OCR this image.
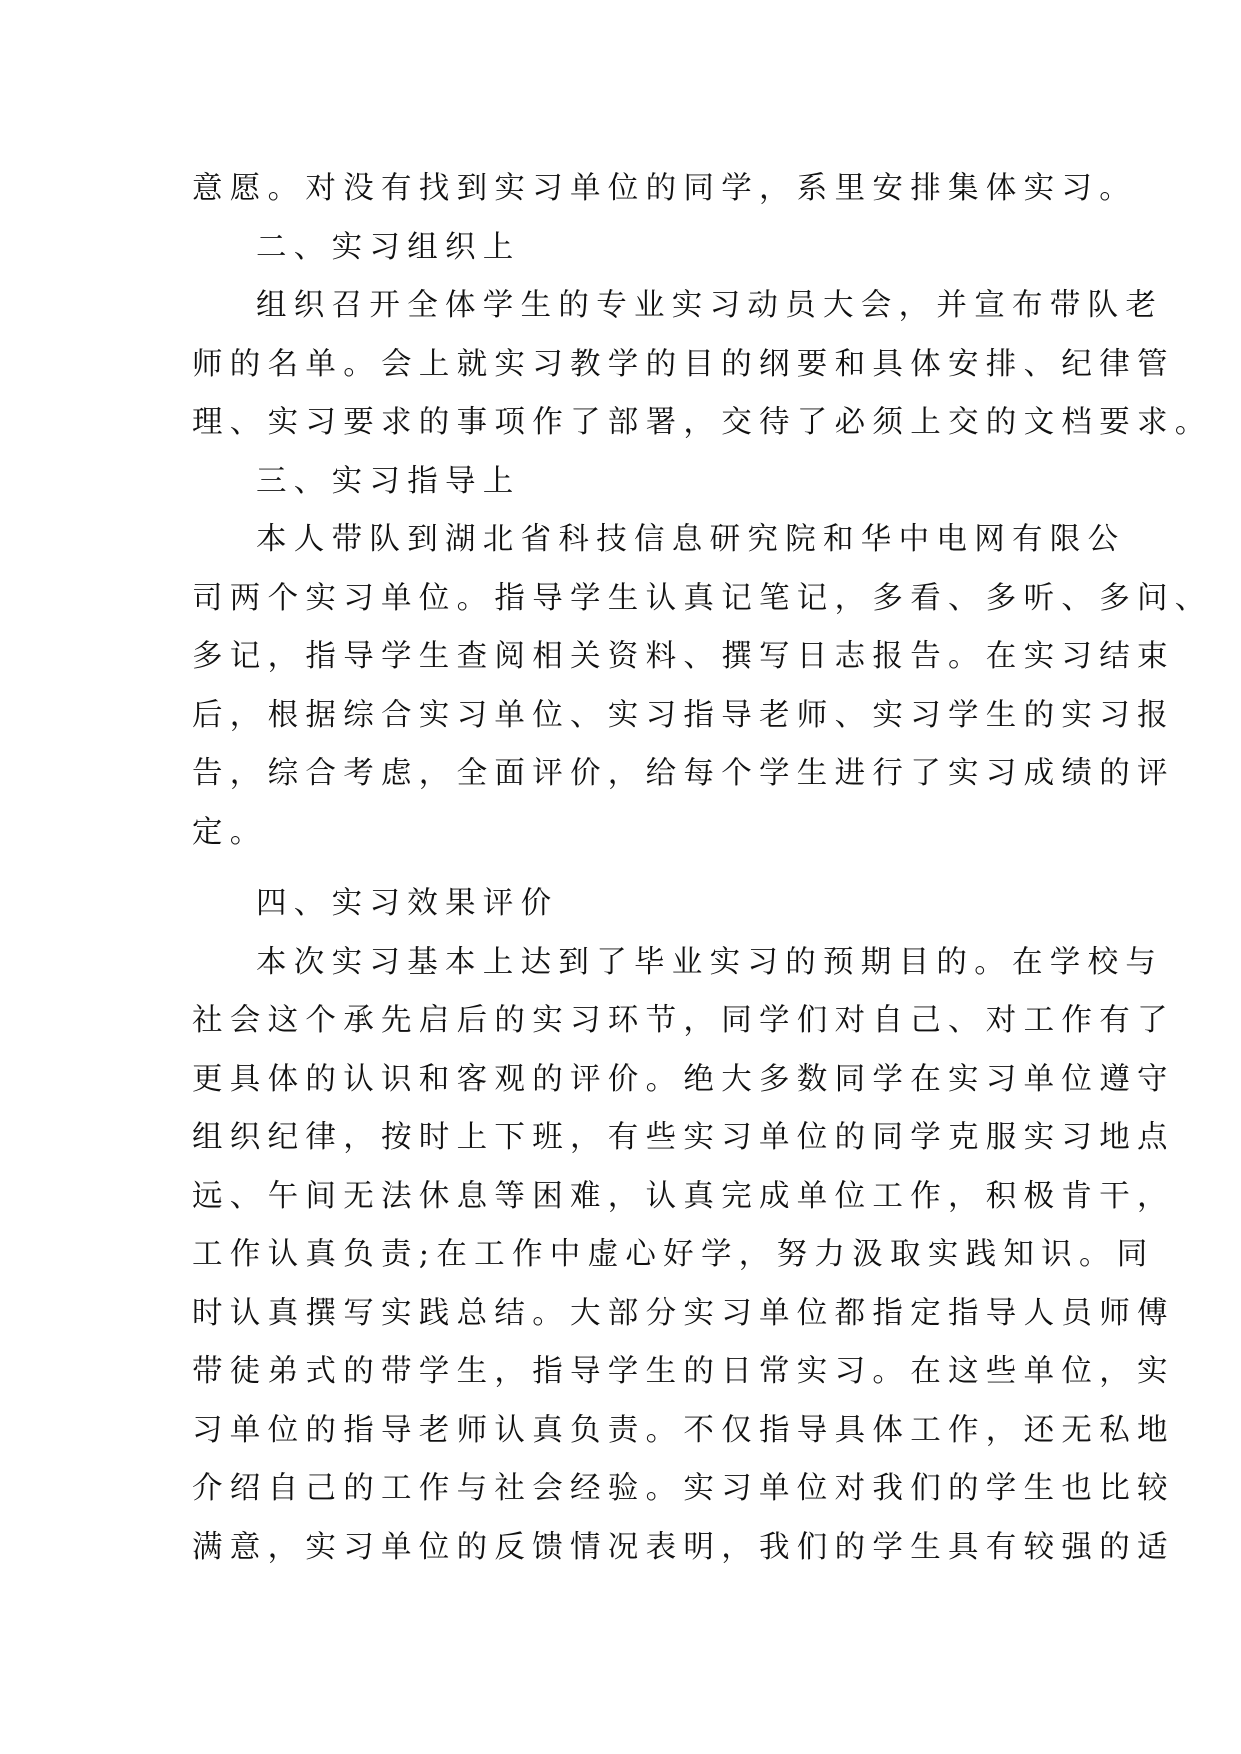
意愿。对没有找到实习单位的同学，系里安排集体实习。
二、实习组织上
组织召开全体学生的专业实习动员大会，并宣布带队老
师的名单。会上就实习教学的目的纲要和具体安排、纪律管
理、实习要求的事项作了部署，交待了必须上交的文档要求。
三、实习指导上
本人带队到湖北省科技信息研究院和华中电网有限公
司两个实习单位。指导学生认真记笔记，多看、多听、多问、
多记，指导学生查阅相关资料、撰写日志报告。在实习结束
后，根据综合实习单位、实习指导老师、实习学生的实习报
告，综合考虑，全面评价，给每个学生进行了实习成绩的评
定。
四、实习效果评价
本次实习基本上达到了毕业实习的预期目的。在学校与
社会这个承先启后的实习环节，同学们对自己、对工作有了
更具体的认识和客观的评价。绝大多数同学在实习单位遵守
组织纪律，按时上下班，有些实习单位的同学克服实习地点
远、午间无法休息等困难，认真完成单位工作，积极肯干，
工作认真负责;在工作中虚心好学，努力汲取实践知识。同
时认真撰写实践总结。大部分实习单位都指定指导人员师傅
带徒弟式的带学生，指导学生的日常实习。在这些单位，实
习单位的指导老师认真负责。不仅指导具体工作，还无私地
介绍自己的工作与社会经验。实习单位对我们的学生也比较
满意，实习单位的反馈情况表明，我们的学生具有较强的适
